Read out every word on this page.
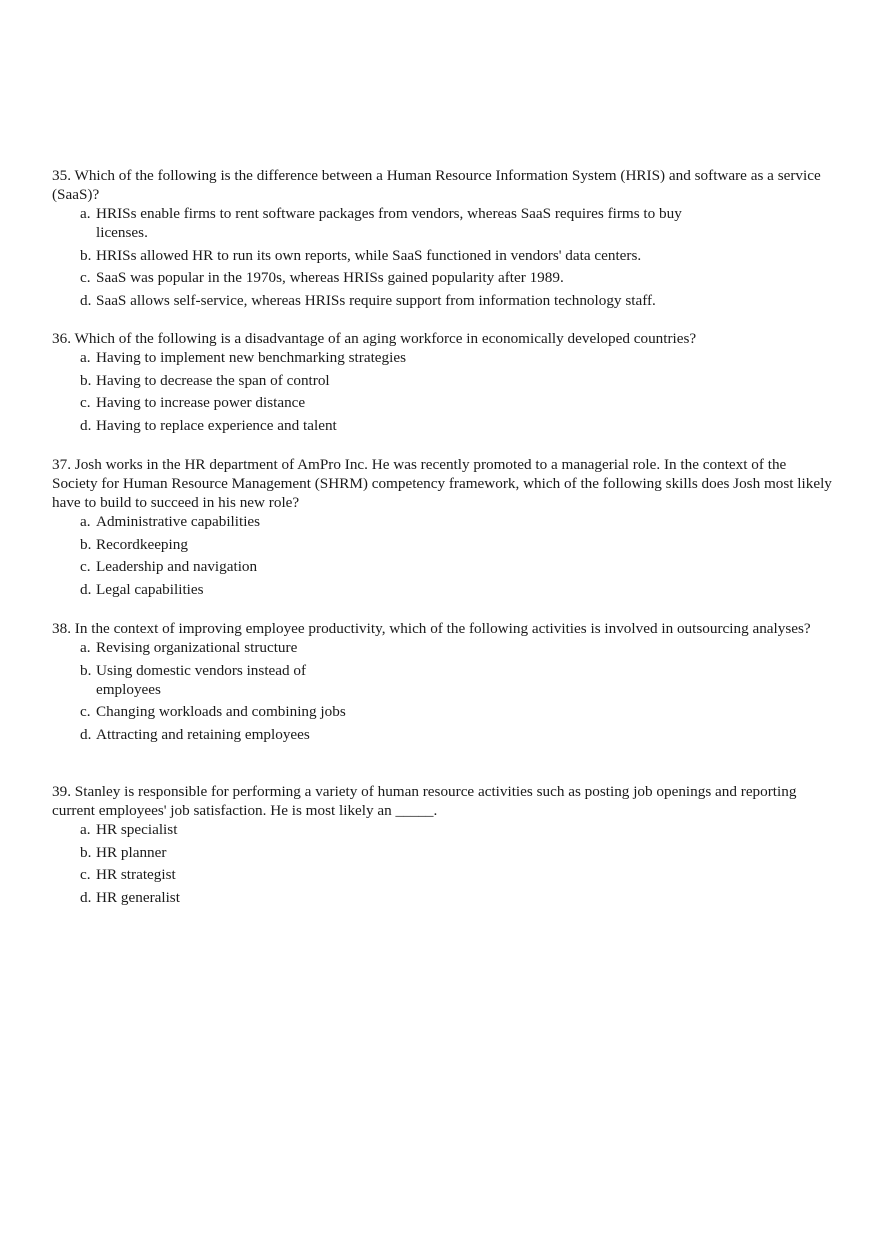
35. Which of the following is the difference between a Human Resource Information System (HRIS) and software as a service (SaaS)?

a. HRISs enable firms to rent software packages from vendors, whereas SaaS requires firms to buy licenses.
b. HRISs allowed HR to run its own reports, while SaaS functioned in vendors' data centers.
c. SaaS was popular in the 1970s, whereas HRISs gained popularity after 1989.
d. SaaS allows self-service, whereas HRISs require support from information technology staff.

36. Which of the following is a disadvantage of an aging workforce in economically developed countries?

a. Having to implement new benchmarking strategies
b. Having to decrease the span of control
c. Having to increase power distance
d. Having to replace experience and talent

37. Josh works in the HR department of AmPro Inc. He was recently promoted to a managerial role. In the context of the Society for Human Resource Management (SHRM) competency framework, which of the following skills does Josh most likely have to build to succeed in his new role?

a. Administrative capabilities
b. Recordkeeping
c. Leadership and navigation
d. Legal capabilities

38. In the context of improving employee productivity, which of the following activities is involved in outsourcing analyses?

a. Revising organizational structure
b. Using domestic vendors instead of employees
c. Changing workloads and combining jobs
d. Attracting and retaining employees

39. Stanley is responsible for performing a variety of human resource activities such as posting job openings and reporting current employees' job satisfaction. He is most likely an _____.

a. HR specialist
b. HR planner
c. HR strategist
d. HR generalist
